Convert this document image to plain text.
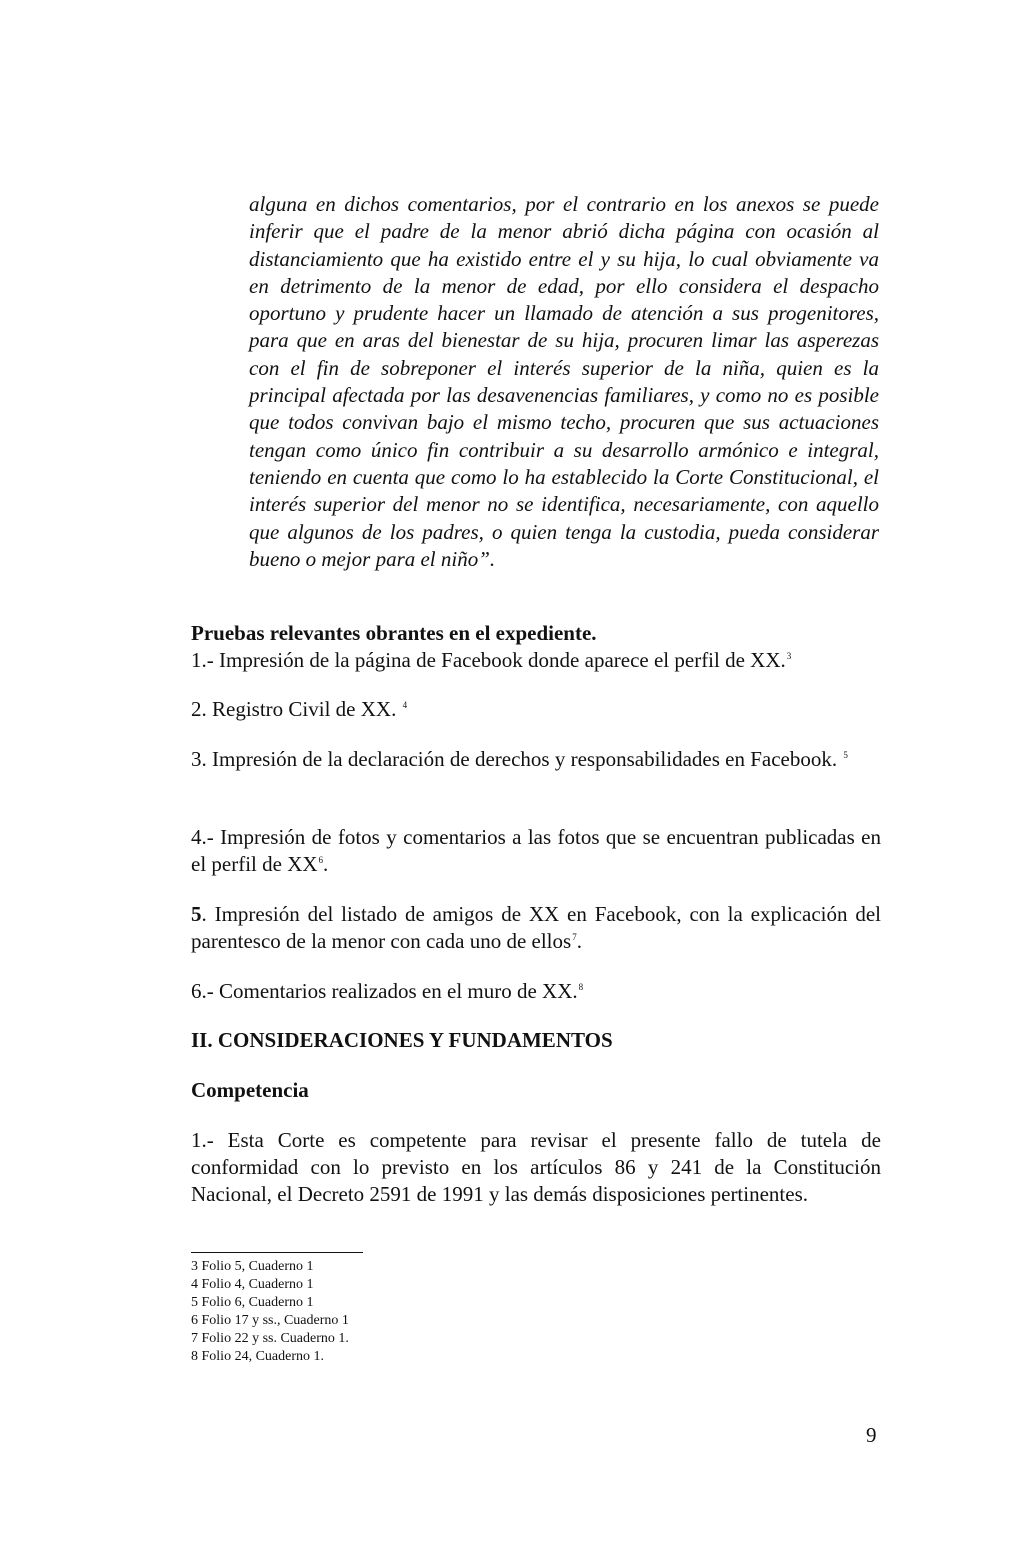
alguna en dichos comentarios, por el contrario en los anexos se puede inferir que el padre de la menor abrió dicha página con ocasión al distanciamiento que ha existido entre el y su hija, lo cual obviamente va en detrimento de la menor de edad, por ello considera el despacho oportuno y prudente hacer un llamado de atención a sus progenitores, para que en aras del bienestar de su hija, procuren limar las asperezas con el fin de sobreponer el interés superior de la niña, quien es la principal afectada por las desavenencias familiares, y como no es posible que todos convivan bajo el mismo techo, procuren que sus actuaciones tengan como único fin contribuir a su desarrollo armónico e integral, teniendo en cuenta que como lo ha establecido la Corte Constitucional, el interés superior del menor no se identifica, necesariamente, con aquello que algunos de los padres, o quien tenga la custodia, pueda considerar bueno o mejor para el niño”.
Pruebas relevantes obrantes en el expediente.
1.- Impresión de la página de Facebook donde aparece el perfil de XX.$^3$
2. Registro Civil de XX. $^4$
3. Impresión de la declaración de derechos y responsabilidades en Facebook. $^5$
4.- Impresión de fotos y comentarios a las fotos que se encuentran publicadas en el perfil de $XX^6$.
5. Impresión del listado de amigos de XX en Facebook, con la explicación del parentesco de la menor con cada uno de ellos$^7$.
6.- Comentarios realizados en el muro de XX.$^8$
II. CONSIDERACIONES Y FUNDAMENTOS
Competencia
1.- Esta Corte es competente para revisar el presente fallo de tutela de conformidad con lo previsto en los artículos 86 y 241 de la Constitución Nacional, el Decreto 2591 de 1991 y las demás disposiciones pertinentes.
3 Folio 5, Cuaderno 1
4 Folio 4, Cuaderno 1
5 Folio 6, Cuaderno 1
6 Folio 17 y ss., Cuaderno 1
7 Folio 22 y ss. Cuaderno 1.
8 Folio 24, Cuaderno 1.
9
